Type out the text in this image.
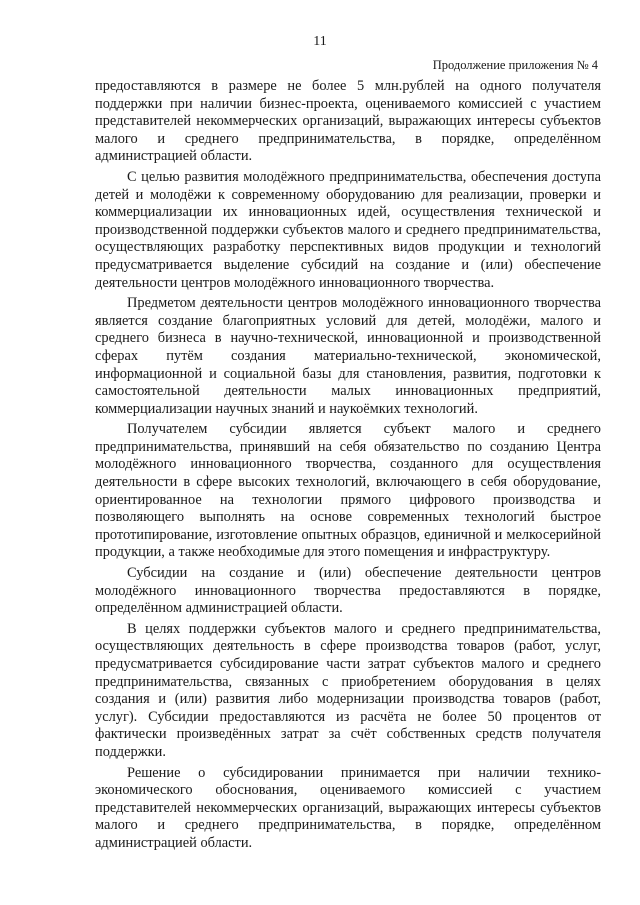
11
Продолжение приложения № 4

предоставляются в размере не более 5 млн.рублей на одного получателя поддержки при наличии бизнес-проекта, оцениваемого комиссией с участием представителей некоммерческих организаций, выражающих интересы субъектов малого и среднего предпринимательства, в порядке, определённом администрацией области.

С целью развития молодёжного предпринимательства, обеспечения доступа детей и молодёжи к современному оборудованию для реализации, проверки и коммерциализации их инновационных идей, осуществления технической и производственной поддержки субъектов малого и среднего предпринимательства, осуществляющих разработку перспективных видов продукции и технологий предусматривается выделение субсидий на создание и (или) обеспечение деятельности центров молодёжного инновационного творчества.

Предметом деятельности центров молодёжного инновационного творчества является создание благоприятных условий для детей, молодёжи, малого и среднего бизнеса в научно-технической, инновационной и производственной сферах путём создания материально-технической, экономической, информационной и социальной базы для становления, развития, подготовки к самостоятельной деятельности малых инновационных предприятий, коммерциализации научных знаний и наукоёмких технологий.

Получателем субсидии является субъект малого и среднего предпринимательства, принявший на себя обязательство по созданию Центра молодёжного инновационного творчества, созданного для осуществления деятельности в сфере высоких технологий, включающего в себя оборудование, ориентированное на технологии прямого цифрового производства и позволяющего выполнять на основе современных технологий быстрое прототипирование, изготовление опытных образцов, единичной и мелкосерийной продукции, а также необходимые для этого помещения и инфраструктуру.

Субсидии на создание и (или) обеспечение деятельности центров молодёжного инновационного творчества предоставляются в порядке, определённом администрацией области.

В целях поддержки субъектов малого и среднего предпринимательства, осуществляющих деятельность в сфере производства товаров (работ, услуг, предусматривается субсидирование части затрат субъектов малого и среднего предпринимательства, связанных с приобретением оборудования в целях создания и (или) развития либо модернизации производства товаров (работ, услуг). Субсидии предоставляются из расчёта не более 50 процентов от фактически произведённых затрат за счёт собственных средств получателя поддержки.

Решение о субсидировании принимается при наличии технико-экономического обоснования, оцениваемого комиссией с участием представителей некоммерческих организаций, выражающих интересы субъектов малого и среднего предпринимательства, в порядке, определённом администрацией области.
